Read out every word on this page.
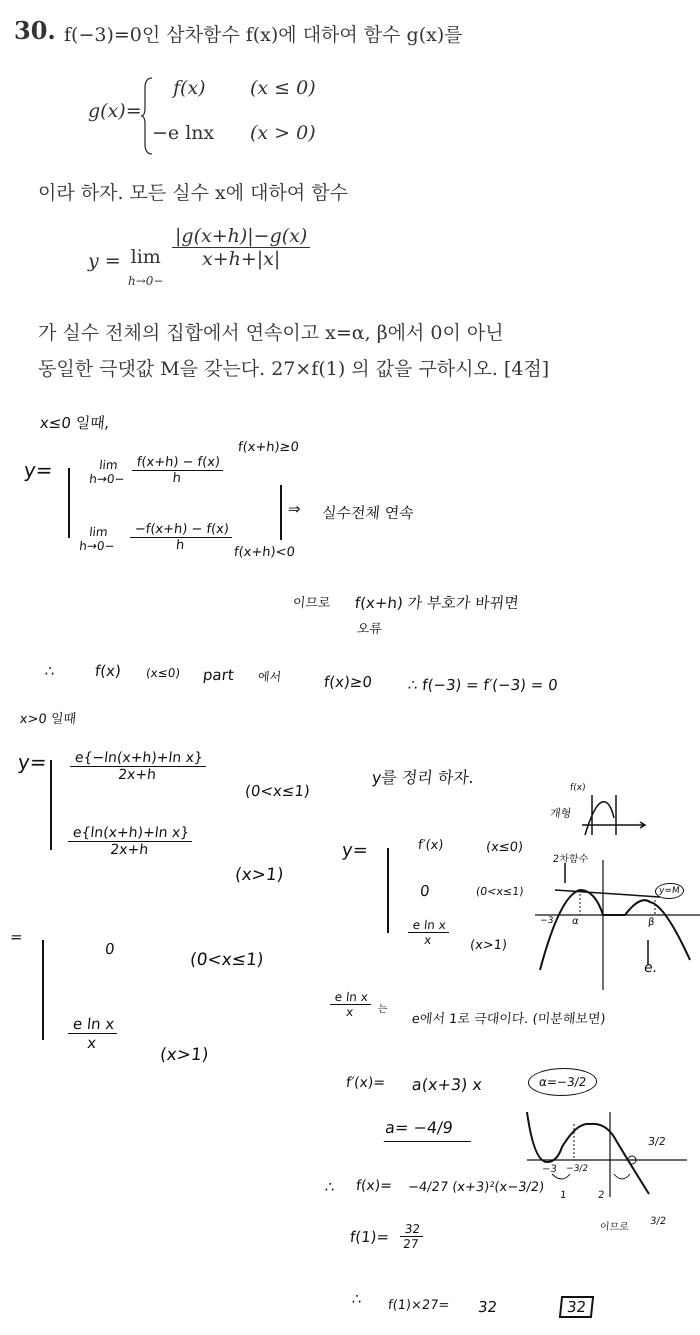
30. f(−3)=0인 삼차함수 f(x)에 대하여 함수 g(x)를
g(x)=
f(x) (x ≤ 0)
−e lnx (x > 0)
이라 하자. 모든 실수 x에 대하여 함수
y = lim
h→0−
$\frac{|g(x+h)|-g(x)}{x+h+|x|}$
가 실수 전체의 집합에서 연속이고 x=α, β에서 0이 아닌
동일한 극댓값 M을 갖는다. 27×f(1) 의 값을 구하시오. [4점]
x≤0 일때,
y=	lim
$h\to 0- \frac{f(x+h) - f(x)}{h}$
f(x+h)≥0
lim
$h\to 0- \frac{-f(x+h) - f(x)}{h} f(x+h)<0$
⇒ 실수전체 연속
이므로 f(x+h) 가 부호가 바뀌면
오류
∴	f(x) (x≤0) part 에서	f(x)≥0 ∴ f(−3) = f′(−3) = 0
x>0 일때
$y= \frac{\text{e\{−ln(x+h)+ln x\}}}{2x+h}$
(0<x≤1)
$\frac{\text{e\{ln(x+h)+ln x\}}}{2x+h}$
(x>1)
=
0
(0<x≤1)
$\frac{\text{e ln x}}{x}$
(x>1)
y를 정리 하자.
y=	f′(x)	(x≤0)
0	(0<x≤1)
$\frac{\text{e ln x}}{x} (x>1)$
f(x)
개형
2차함수
−3 α	β
e.
y=M
$\frac{\text{e ln x}}{x}$ 는
e에서 1로 극대이다. (미분해보면)
f′(x)= a(x+3) x	α=−3/2
a= −4/9
∴ f(x)= −4/27 (x+3)²(x−3/2)
−3 −3/2
3/2
1	2
이므로
3/2
$f(1)= \frac{32}{27}$
∴ f(1)×27= 32	32
